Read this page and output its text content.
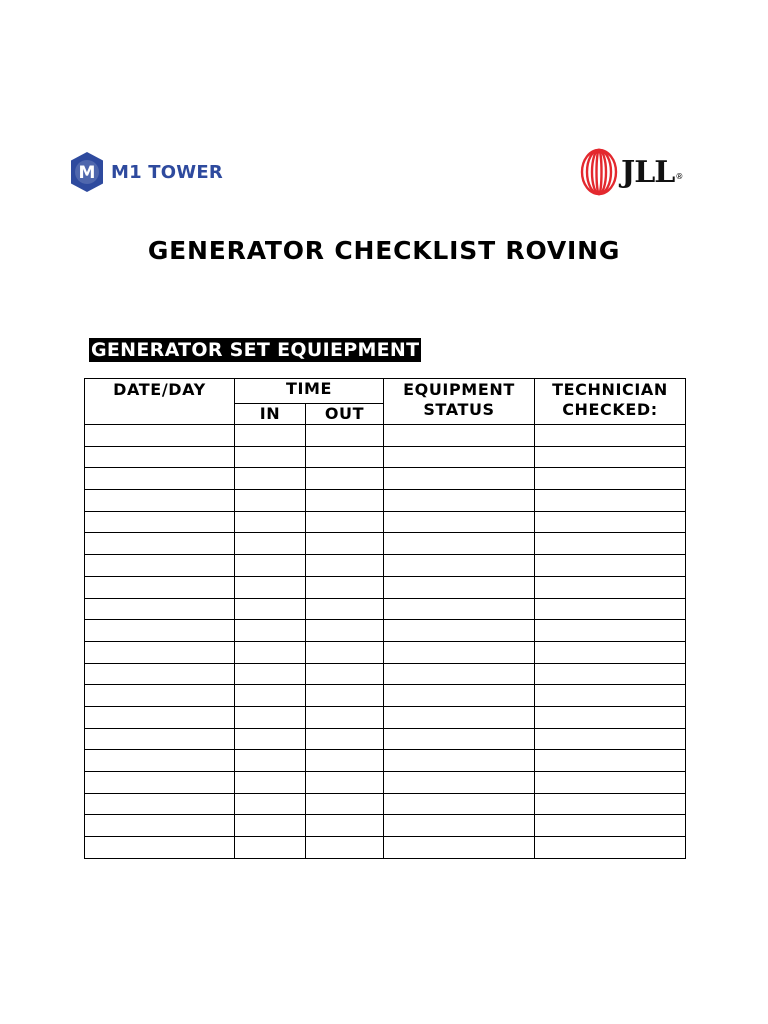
M M1 TOWER	JLL ®
GENERATOR CHECKLIST ROVING
GENERATOR SET EQUIEPMENT
DATE/DAY	TIME		EQUIPMENT STATUS	TECHNICIAN CHECKED:
	IN	OUT		
